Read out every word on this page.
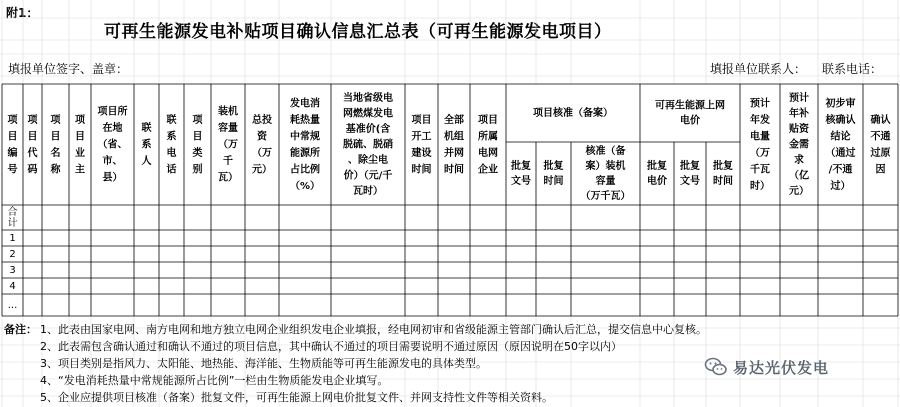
附1：
可再生能源发电补贴项目确认信息汇总表（可再生能源发电项目）
填报单位签字、盖章：	填报单位联系人： 联系电话：
项
目
编
号
项
目
代
码
项
目
名
称
项
目
业
主
项目所
在地
（省、
市、
县）
联
系
人
联
系
电
话
项
目
类
别
装机
容量
（万
千
瓦）
总投
资
（万
元）
发电消
耗热量
中常规
能源所
占比例
（%）
当地省级电
网燃煤发电
基准价(含
脱硫、脱硝
、除尘电
价）（元/千
瓦时）
项目
开工
建设
时间
全部
机组
并网
时间
项目
所属
电网
企业 批复
文号
批复
时间
核准（备
案）装机
容量
（万千瓦）
批复
电价
批复
文号
批复
时间
预计
年发
电量
（万
千瓦
时）
预计
年补
贴资
金需
求
（亿
元）
初步审
核确认
结论
（通过
/不通
过）
确认
不通
过原
因
项目核准（备案）
可再生能源上网
电价
合
计
1
2
3
4
...
备注： 1、此表由国家电网、南方电网和地方独立电网企业组织发电企业填报，经电网初审和省级能源主管部门确认后汇总，提交信息中心复核。
2、此表需包含确认通过和确认不通过的项目信息，其中确认不通过的项目需要说明不通过原因（原因说明在50字以内）
3、项目类别是指风力、太阳能、地热能、海洋能、生物质能等可再生能源发电的具体类型。
4、“发电消耗热量中常规能源所占比例”一栏由生物质能发电企业填写。
5、企业应提供项目核准（备案）批复文件，可再生能源上网电价批复文件、并网支持性文件等相关资料。
易达光伏发电
